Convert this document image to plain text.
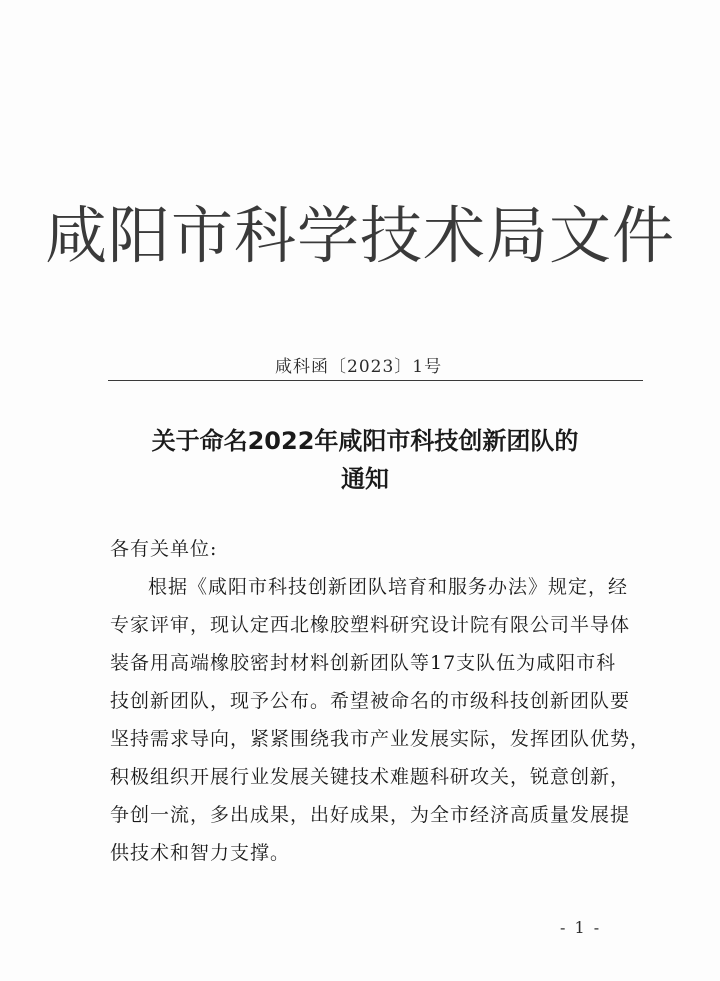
咸阳市科学技术局文件
咸科函〔2023〕1号
关于命名2022年咸阳市科技创新团队的
通知
各有关单位:
根据《咸阳市科技创新团队培育和服务办法》规定，经
专家评审，现认定西北橡胶塑料研究设计院有限公司半导体
装备用高端橡胶密封材料创新团队等17支队伍为咸阳市科
技创新团队，现予公布。希望被命名的市级科技创新团队要
坚持需求导向，紧紧围绕我市产业发展实际，发挥团队优势，
积极组织开展行业发展关键技术难题科研攻关，锐意创新，
争创一流，多出成果，出好成果，为全市经济高质量发展提
供技术和智力支撑。
- 1 -
